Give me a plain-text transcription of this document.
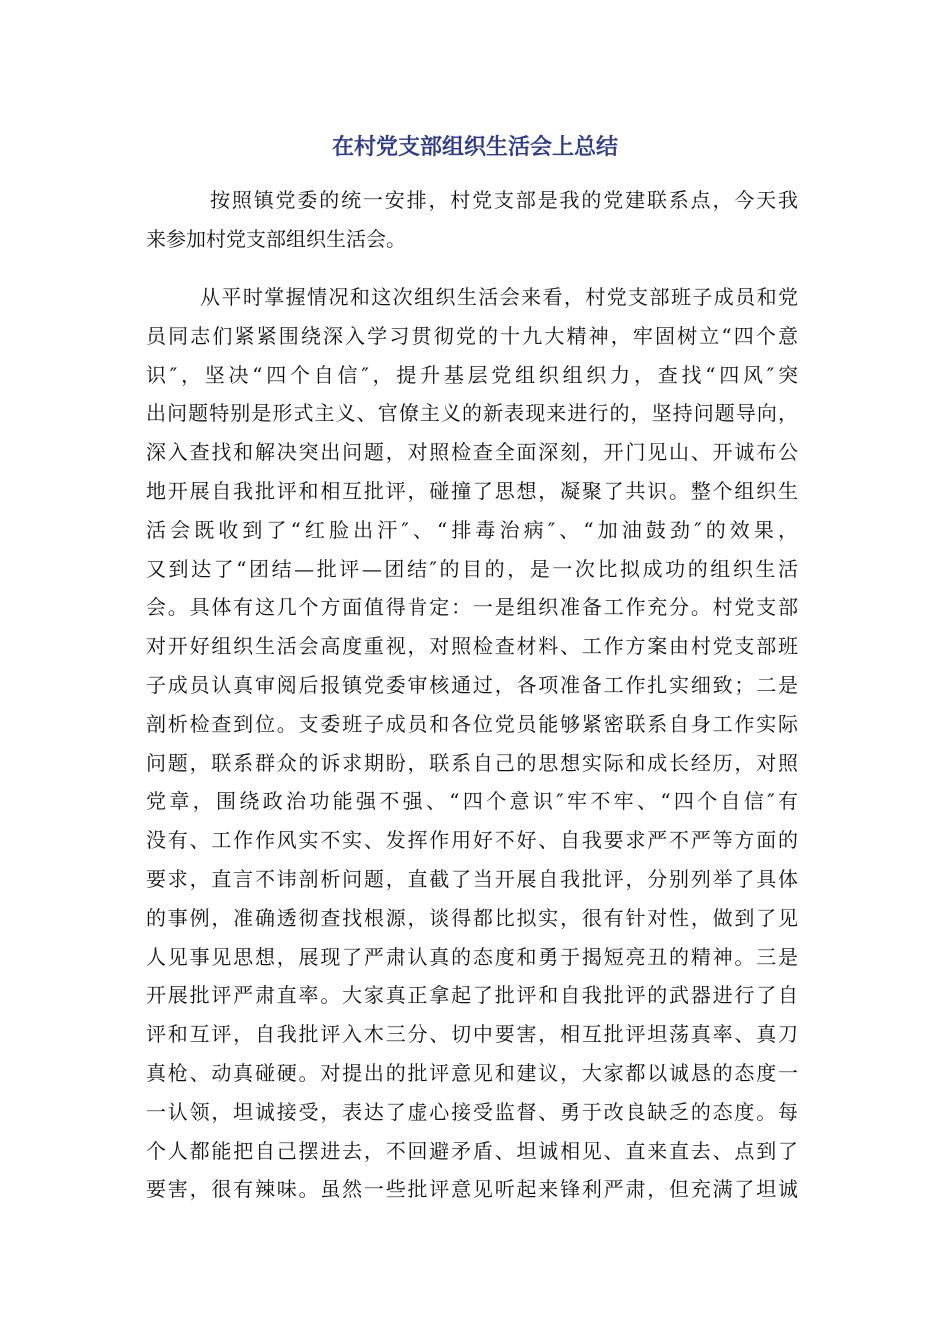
在村党支部组织生活会上总结
按照镇党委的统一安排，村党支部是我的党建联系点，今天我
来参加村党支部组织生活会。
从平时掌握情况和这次组织生活会来看，村党支部班子成员和党
员同志们紧紧围绕深入学习贯彻党的十九大精神，牢固树立“四个意
识″，坚决“四个自信″，提升基层党组织组织力，查找“四风″突
出问题特别是形式主义、官僚主义的新表现来进行的，坚持问题导向，
深入查找和解决突出问题，对照检查全面深刻，开门见山、开诚布公
地开展自我批评和相互批评，碰撞了思想，凝聚了共识。整个组织生
活会既收到了“红脸出汗″、“排毒治病″、“加油鼓劲″的效果，
又到达了“团结—批评—团结″的目的，是一次比拟成功的组织生活
会。具体有这几个方面值得肯定：一是组织准备工作充分。村党支部
对开好组织生活会高度重视，对照检查材料、工作方案由村党支部班
子成员认真审阅后报镇党委审核通过，各项准备工作扎实细致；二是
剖析检查到位。支委班子成员和各位党员能够紧密联系自身工作实际
问题，联系群众的诉求期盼，联系自己的思想实际和成长经历，对照
党章，围绕政治功能强不强、“四个意识″牢不牢、“四个自信″有
没有、工作作风实不实、发挥作用好不好、自我要求严不严等方面的
要求，直言不讳剖析问题，直截了当开展自我批评，分别列举了具体
的事例，准确透彻查找根源，谈得都比拟实，很有针对性，做到了见
人见事见思想，展现了严肃认真的态度和勇于揭短亮丑的精神。三是
开展批评严肃直率。大家真正拿起了批评和自我批评的武器进行了自
评和互评，自我批评入木三分、切中要害，相互批评坦荡真率、真刀
真枪、动真碰硬。对提出的批评意见和建议，大家都以诚恳的态度一
一认领，坦诚接受，表达了虚心接受监督、勇于改良缺乏的态度。每
个人都能把自己摆进去，不回避矛盾、坦诚相见、直来直去、点到了
要害，很有辣味。虽然一些批评意见听起来锋利严肃，但充满了坦诚
